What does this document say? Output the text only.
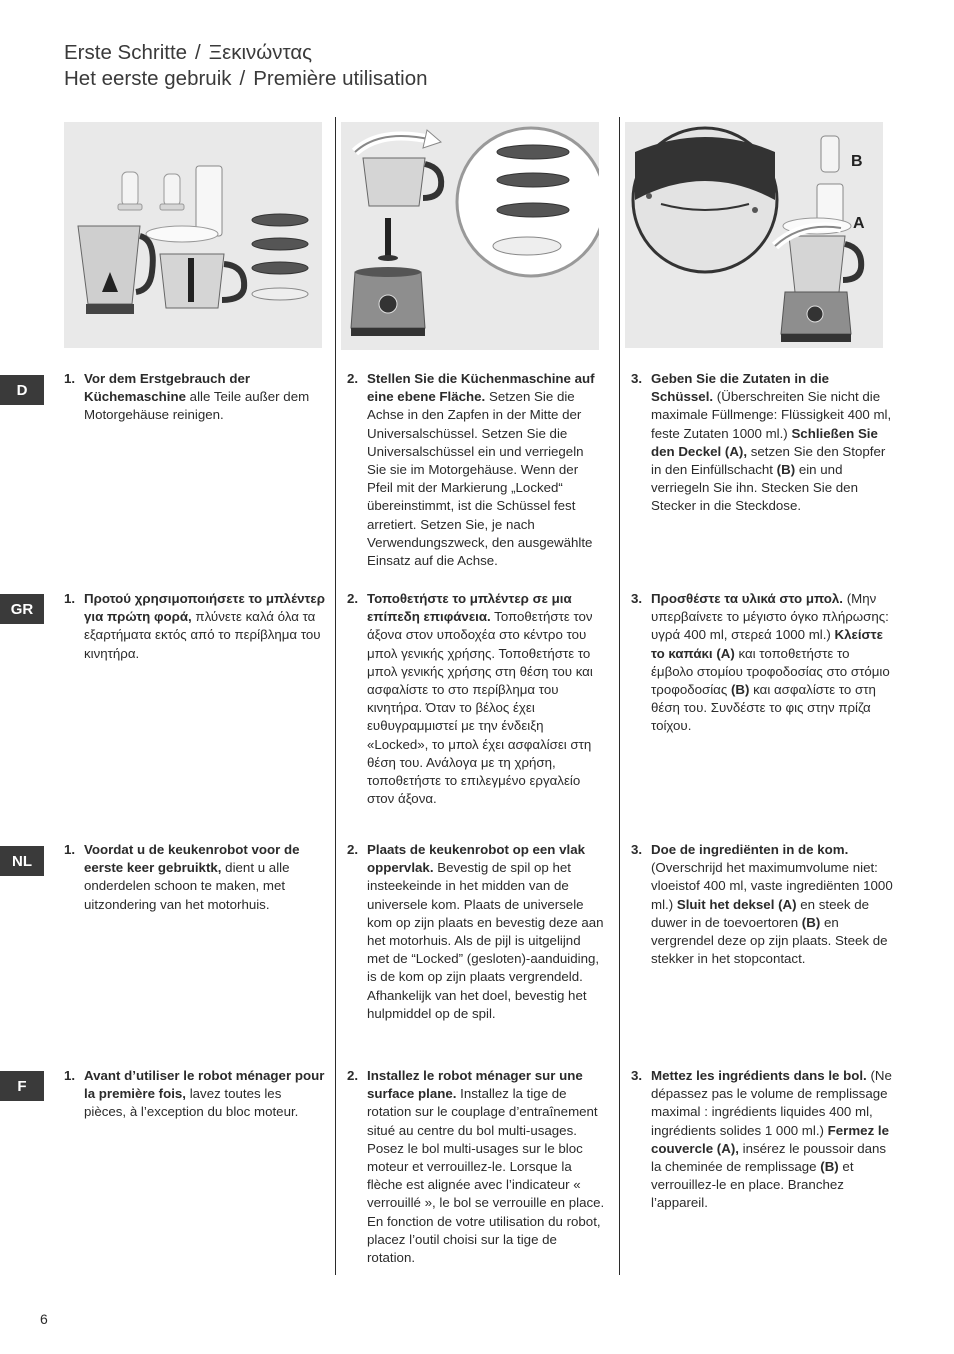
Erste Schritte / Ξεκινώντας
Het eerste gebruik / Première utilisation
B
A
D
GR
NL
F
1. Vor dem Erstgebrauch der Küchemaschine alle Teile außer dem Motorgehäuse reinigen.
2. Stellen Sie die Küchenmaschine auf eine ebene Fläche. Setzen Sie die Achse in den Zapfen in der Mitte der Universalschüssel. Setzen Sie die Universalschüssel ein und verriegeln Sie sie im Motorgehäuse. Wenn der Pfeil mit der Markierung „Locked“ übereinstimmt, ist die Schüssel fest arretiert. Setzen Sie, je nach Verwendungszweck, den ausgewählte Einsatz auf die Achse.
3. Geben Sie die Zutaten in die Schüssel. (Überschreiten Sie nicht die maximale Füllmenge: Flüssigkeit 400 ml, feste Zutaten 1000 ml.) Schließen Sie den Deckel (A), setzen Sie den Stopfer in den Einfüllschacht (B) ein und verriegeln Sie ihn. Stecken Sie den Stecker in die Steckdose.
1. Προτού χρησιμοποιήσετε το μπλέντερ για πρώτη φορά, πλύνετε καλά όλα τα εξαρτήματα εκτός από το περίβλημα του κινητήρα.
2. Τοποθετήστε το μπλέντερ σε μια επίπεδη επιφάνεια. Τοποθετήστε τον άξονα στον υποδοχέα στο κέντρο του μπολ γενικής χρήσης. Τοποθετήστε το μπολ γενικής χρήσης στη θέση του και ασφαλίστε το στο περίβλημα του κινητήρα. Όταν το βέλος έχει ευθυγραμμιστεί με την ένδειξη «Locked», το μπολ έχει ασφαλίσει στη θέση του. Ανάλογα με τη χρήση, τοποθετήστε το επιλεγμένο εργαλείο στον άξονα.
3. Προσθέστε τα υλικά στο μπολ. (Μην υπερβαίνετε το μέγιστο όγκο πλήρωσης: υγρά 400 ml, στερεά 1000 ml.) Κλείστε το καπάκι (A) και τοποθετήστε το έμβολο στομίου τροφοδοσίας στο στόμιο τροφοδοσίας (B) και ασφαλίστε το στη θέση του. Συνδέστε το φις στην πρίζα τοίχου.
1. Voordat u de keukenrobot voor de eerste keer gebruiktk, dient u alle onderdelen schoon te maken, met uitzondering van het motorhuis.
2. Plaats de keukenrobot op een vlak oppervlak. Bevestig de spil op het insteekeinde in het midden van de universele kom. Plaats de universele kom op zijn plaats en bevestig deze aan het motorhuis. Als de pijl is uitgelijnd met de “Locked” (gesloten)-aanduiding, is de kom op zijn plaats vergrendeld. Afhankelijk van het doel, bevestig het hulpmiddel op de spil.
3. Doe de ingrediënten in de kom. (Overschrijd het maximumvolume niet: vloeistof 400 ml, vaste ingrediënten 1000 ml.) Sluit het deksel (A) en steek de duwer in de toevoertoren (B) en vergrendel deze op zijn plaats. Steek de stekker in het stopcontact.
1. Avant d’utiliser le robot ménager pour la première fois, lavez toutes les pièces, à l’exception du bloc moteur.
2. Installez le robot ménager sur une surface plane. Installez la tige de rotation sur le couplage d’entraînement situé au centre du bol multi-usages. Posez le bol multi-usages sur le bloc moteur et verrouillez-le. Lorsque la flèche est alignée avec l’indicateur « verrouillé », le bol se verrouille en place. En fonction de votre utilisation du robot, placez l’outil choisi sur la tige de rotation.
3. Mettez les ingrédients dans le bol. (Ne dépassez pas le volume de remplissage maximal : ingrédients liquides 400 ml, ingrédients solides 1 000 ml.) Fermez le couvercle (A), insérez le poussoir dans la cheminée de remplissage (B) et verrouillez-le en place. Branchez l’appareil.
6
